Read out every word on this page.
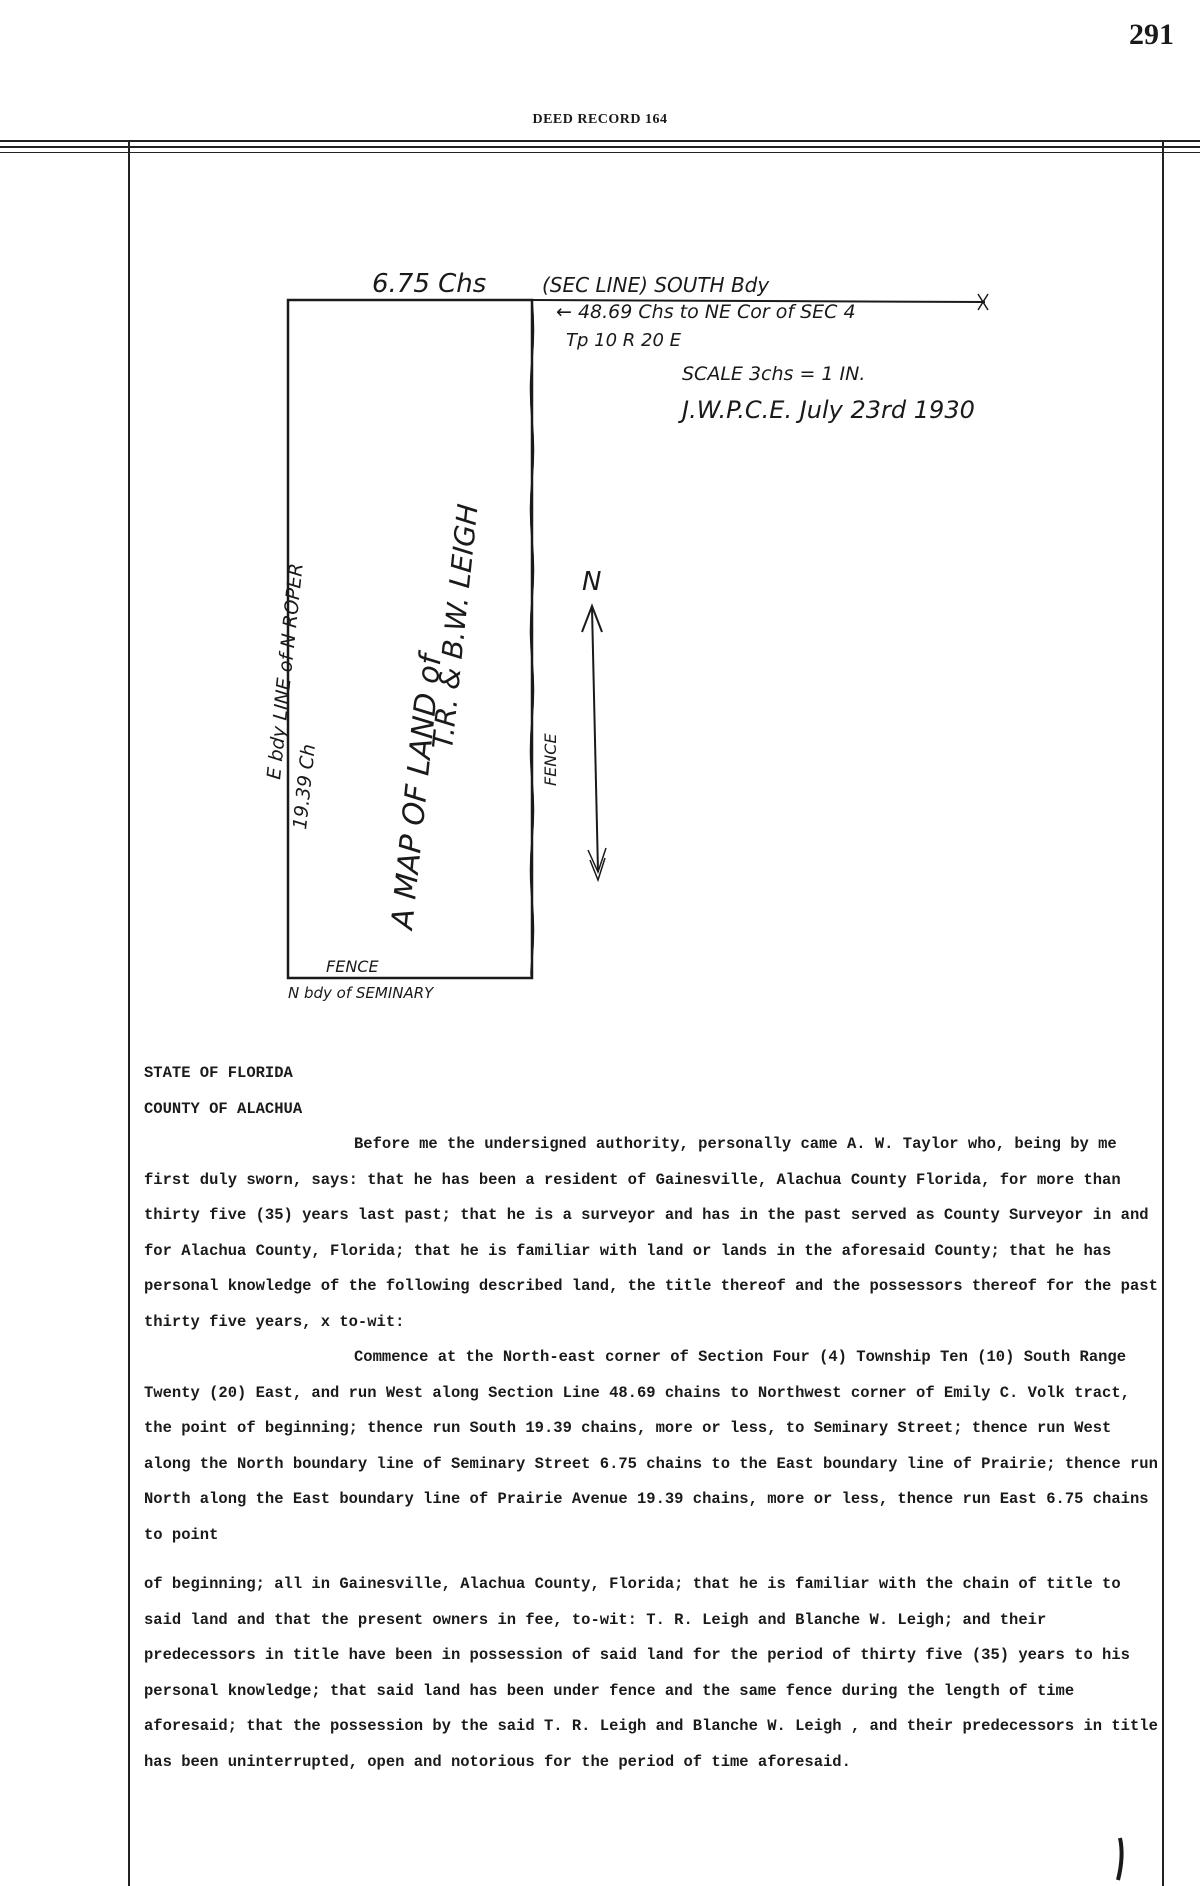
291
DEED RECORD 164
6.75 Chs	(SEC LINE) SOUTH Bdy
← 48.69 Chs to NE Cor of SEC 4
Tp 10 R 20 E
SCALE 3chs = 1 IN.
J.W.P.C.E. July 23rd 1930
E bdy LINE of N ROPER
19.39 Ch A MAP OF LAND of
T.R. & B.W. LEIGH
FENCE
FENCE
N bdy of SEMINARY
N
STATE OF FLORIDA
COUNTY OF ALACHUA

Before me the undersigned authority, personally came A. W. Taylor who, being by me first duly sworn, says: that he has been a resident of Gainesville, Alachua County Florida, for more than thirty five (35) years last past; that he is a surveyor and has in the past served as County Surveyor in and for Alachua County, Florida; that he is familiar with land or lands in the aforesaid County; that he has personal knowledge of the following described land, the title thereof and the possessors thereof for the past thirty five years, x to-wit:

Commence at the North-east corner of Section Four (4) Township Ten (10) South Range Twenty (20) East, and run West along Section Line 48.69 chains to Northwest corner of Emily C. Volk tract, the point of beginning; thence run South 19.39 chains, more or less, to Seminary Street; thence run West along the North boundary line of Seminary Street 6.75 chains to the East boundary line of Prairie; thence run North along the East boundary line of Prairie Avenue 19.39 chains, more or less, thence run East 6.75 chains to point

of beginning; all in Gainesville, Alachua County, Florida; that he is familiar with the chain of title to said land and that the present owners in fee, to-wit: T. R. Leigh and Blanche W. Leigh; and their predecessors in title have been in possession of said land for the period of thirty five (35) years to his personal knowledge; that said land has been under fence and the same fence during the length of time aforesaid; that the possession by the said T. R. Leigh and Blanche W. Leigh , and their predecessors in title has been uninterrupted, open and notorious for the period of time aforesaid.
